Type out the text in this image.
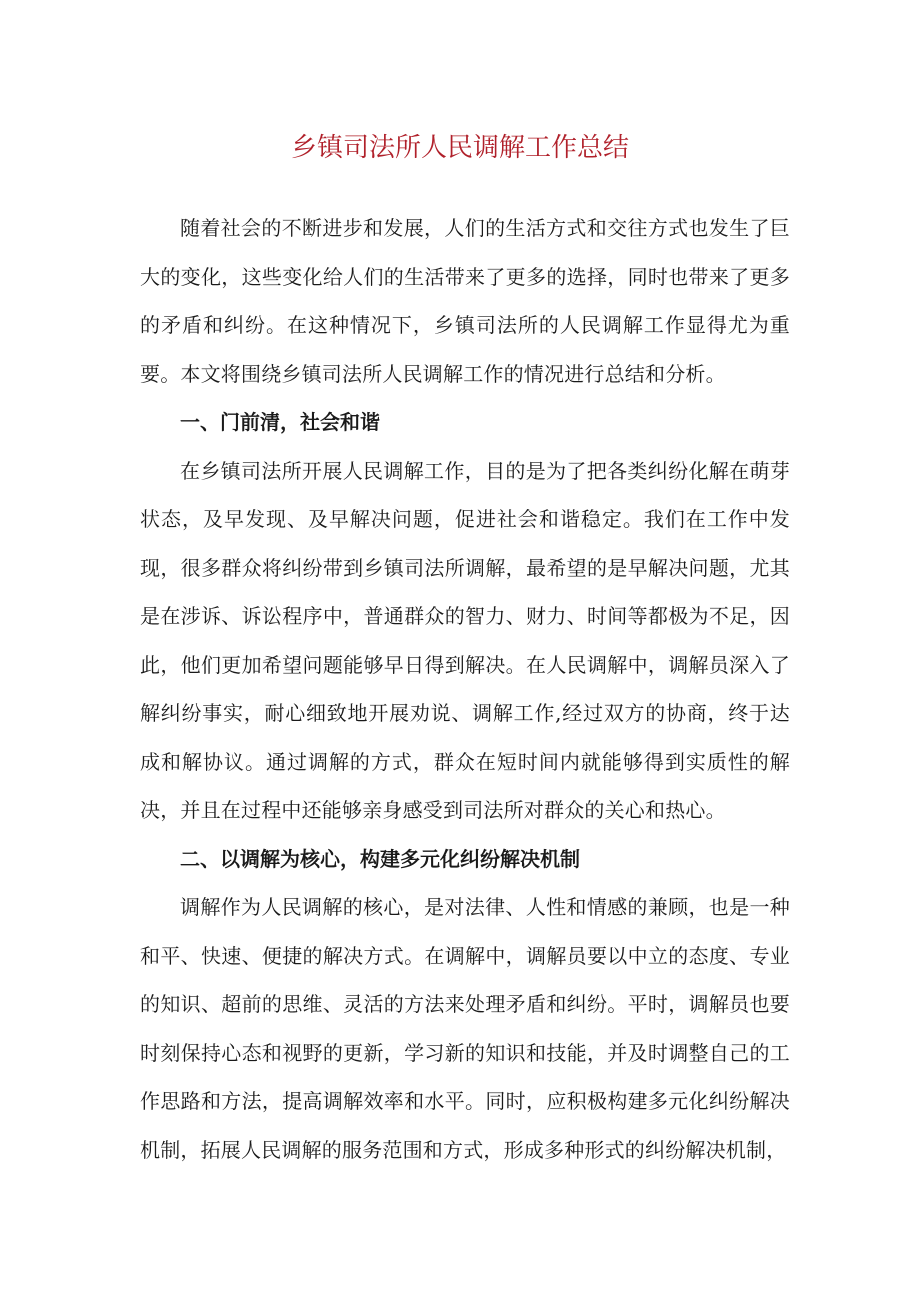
乡镇司法所人民调解工作总结

随着社会的不断进步和发展，人们的生活方式和交往方式也发生了巨大的变化，这些变化给人们的生活带来了更多的选择，同时也带来了更多的矛盾和纠纷。在这种情况下，乡镇司法所的人民调解工作显得尤为重要。本文将围绕乡镇司法所人民调解工作的情况进行总结和分析。

一、门前清，社会和谐

在乡镇司法所开展人民调解工作，目的是为了把各类纠纷化解在萌芽状态，及早发现、及早解决问题，促进社会和谐稳定。我们在工作中发现，很多群众将纠纷带到乡镇司法所调解，最希望的是早解决问题，尤其是在涉诉、诉讼程序中，普通群众的智力、财力、时间等都极为不足，因此，他们更加希望问题能够早日得到解决。在人民调解中，调解员深入了解纠纷事实，耐心细致地开展劝说、调解工作,经过双方的协商，终于达成和解协议。通过调解的方式，群众在短时间内就能够得到实质性的解决，并且在过程中还能够亲身感受到司法所对群众的关心和热心。

二、以调解为核心，构建多元化纠纷解决机制

调解作为人民调解的核心，是对法律、人性和情感的兼顾，也是一种和平、快速、便捷的解决方式。在调解中，调解员要以中立的态度、专业的知识、超前的思维、灵活的方法来处理矛盾和纠纷。平时，调解员也要时刻保持心态和视野的更新，学习新的知识和技能，并及时调整自己的工作思路和方法，提高调解效率和水平。同时，应积极构建多元化纠纷解决机制，拓展人民调解的服务范围和方式，形成多种形式的纠纷解决机制，
